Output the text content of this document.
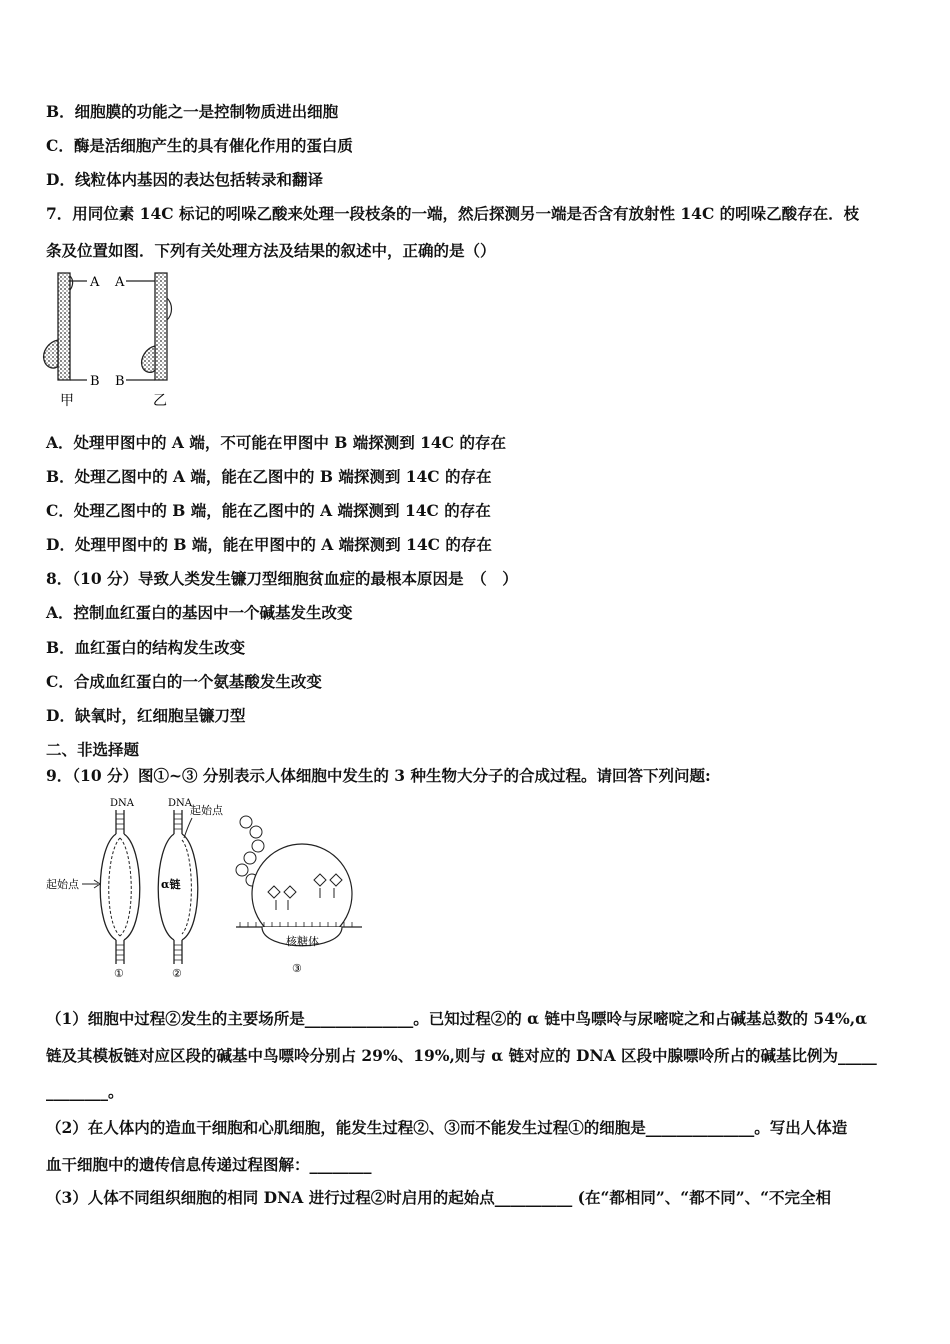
B．细胞膜的功能之一是控制物质进出细胞
C．酶是活细胞产生的具有催化作用的蛋白质
D．线粒体内基因的表达包括转录和翻译
7．用同位素 14C 标记的吲哚乙酸来处理一段枝条的一端，然后探测另一端是否含有放射性 14C 的吲哚乙酸存在．枝
条及位置如图．下列有关处理方法及结果的叙述中，正确的是（）
A
B
甲
A
B
乙
A．处理甲图中的 A 端，不可能在甲图中 B 端探测到 14C 的存在
B．处理乙图中的 A 端，能在乙图中的 B 端探测到 14C 的存在
C．处理乙图中的 B 端，能在乙图中的 A 端探测到 14C 的存在
D．处理甲图中的 B 端，能在甲图中的 A 端探测到 14C 的存在
8．（10 分）导致人类发生镰刀型细胞贫血症的最根本原因是　（　）
A．控制血红蛋白的基因中一个碱基发生改变
B．血红蛋白的结构发生改变
C．合成血红蛋白的一个氨基酸发生改变
D．缺氧时，红细胞呈镰刀型
二、非选择题
9．（10 分）图①~③ 分别表示人体细胞中发生的 3 种生物大分子的合成过程。请回答下列问题:
DNA
起始点
①
DNA
起始点
α链
②
核糖体
③
（1）细胞中过程②发生的主要场所是______________。已知过程②的 α 链中鸟嘌呤与尿嘧啶之和占碱基总数的 54%,α
链及其模板链对应区段的碱基中鸟嘌呤分别占 29%、19%,则与 α 链对应的 DNA 区段中腺嘌呤所占的碱基比例为_____
________。
（2）在人体内的造血干细胞和心肌细胞，能发生过程②、③而不能发生过程①的细胞是______________。写出人体造
血干细胞中的遗传信息传递过程图解：________
（3）人体不同组织细胞的相同 DNA 进行过程②时启用的起始点__________ (在“都相同”、“都不同”、“不完全相
